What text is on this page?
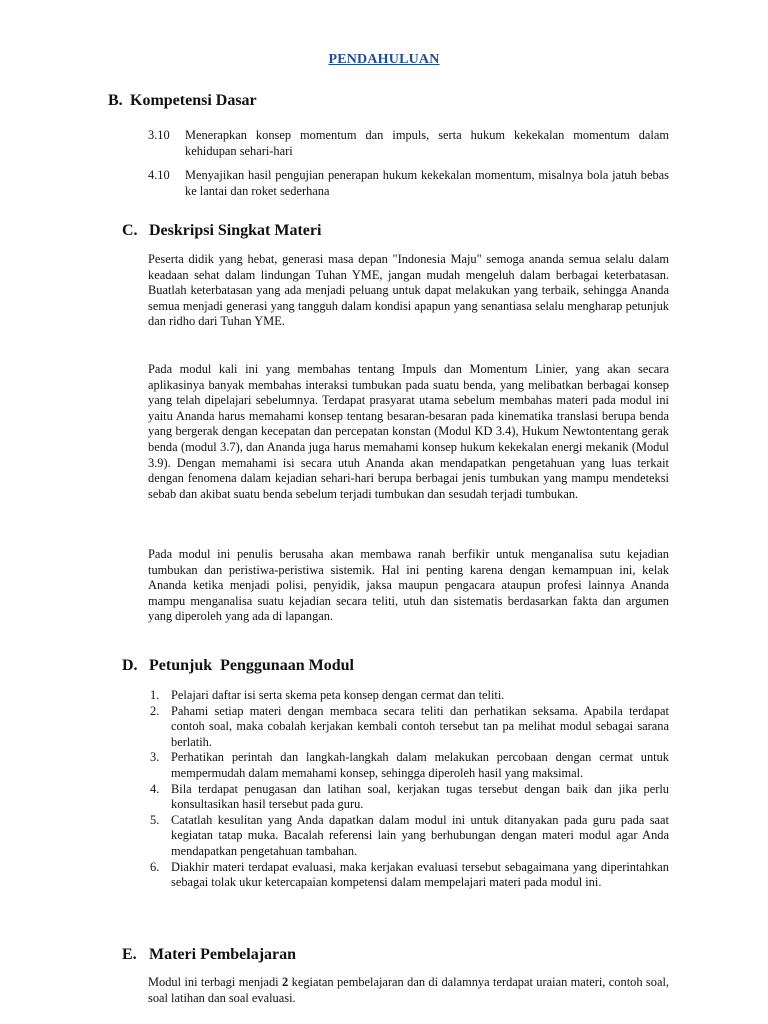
PENDAHULUAN
B. Kompetensi Dasar
3.10 Menerapkan konsep momentum dan impuls, serta hukum kekekalan momentum dalam kehidupan sehari-hari
4.10 Menyajikan hasil pengujian penerapan hukum kekekalan momentum, misalnya bola jatuh bebas ke lantai dan roket sederhana
C. Deskripsi Singkat Materi

Peserta didik yang hebat, generasi masa depan "Indonesia Maju" semoga ananda semua selalu dalam keadaan sehat dalam lindungan Tuhan YME, jangan mudah mengeluh dalam berbagai keterbatasan. Buatlah keterbatasan yang ada menjadi peluang untuk dapat melakukan yang terbaik, sehingga Ananda semua menjadi generasi yang tangguh dalam kondisi apapun yang senantiasa selalu mengharap petunjuk dan ridho dari Tuhan YME.

Pada modul kali ini yang membahas tentang Impuls dan Momentum Linier, yang akan secara aplikasinya banyak membahas interaksi tumbukan pada suatu benda, yang melibatkan berbagai konsep yang telah dipelajari sebelumnya. Terdapat prasyarat utama sebelum membahas materi pada modul ini yaitu Ananda harus memahami konsep tentang besaran-besaran pada kinematika translasi berupa benda yang bergerak dengan kecepatan dan percepatan konstan (Modul KD 3.4), Hukum Newtontentang gerak benda (modul 3.7), dan Ananda juga harus memahami konsep hukum kekekalan energi mekanik (Modul 3.9). Dengan memahami isi secara utuh Ananda akan mendapatkan pengetahuan yang luas terkait dengan fenomena dalam kejadian sehari-hari berupa berbagai jenis tumbukan yang mampu mendeteksi sebab dan akibat suatu benda sebelum terjadi tumbukan dan sesudah terjadi tumbukan.

Pada modul ini penulis berusaha akan membawa ranah berfikir untuk menganalisa sutu kejadian tumbukan dan peristiwa-peristiwa sistemik. Hal ini penting karena dengan kemampuan ini, kelak Ananda ketika menjadi polisi, penyidik, jaksa maupun pengacara ataupun profesi lainnya Ananda mampu menganalisa suatu kejadian secara teliti, utuh dan sistematis berdasarkan fakta dan argumen yang diperoleh yang ada di lapangan.

D. Petunjuk  Penggunaan Modul
1. Pelajari daftar isi serta skema peta konsep dengan cermat dan teliti.
2. Pahami setiap materi dengan membaca secara teliti dan perhatikan seksama. Apabila terdapat contoh soal, maka cobalah kerjakan kembali contoh tersebut tan pa melihat modul sebagai sarana berlatih.
3. Perhatikan perintah dan langkah-langkah dalam melakukan percobaan dengan cermat untuk mempermudah dalam memahami konsep, sehingga diperoleh hasil yang maksimal.
4. Bila terdapat penugasan dan latihan soal, kerjakan tugas tersebut dengan baik dan jika perlu konsultasikan hasil tersebut pada guru.
5. Catatlah kesulitan yang Anda dapatkan dalam modul ini untuk ditanyakan pada guru pada saat kegiatan tatap muka. Bacalah referensi lain yang berhubungan dengan materi modul agar Anda mendapatkan pengetahuan tambahan.
6. Diakhir materi terdapat evaluasi, maka kerjakan evaluasi tersebut sebagaimana yang diperintahkan sebagai tolak ukur ketercapaian kompetensi dalam mempelajari materi pada modul ini.
E. Materi Pembelajaran

Modul ini terbagi menjadi 2 kegiatan pembelajaran dan di dalamnya terdapat uraian materi, contoh soal, soal latihan dan soal evaluasi.
